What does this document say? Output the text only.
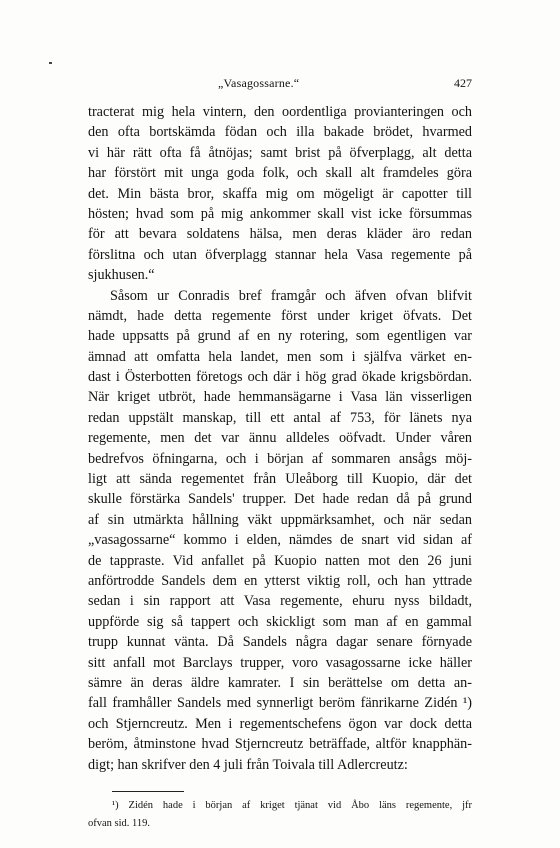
„Vasagossarne.“	427
tracterat mig hela vintern, den oordentliga provianteringen och
den ofta bortskämda födan och illa bakade brödet, hvarmed
vi här rätt ofta få åtnöjas; samt brist på öfverplagg, alt detta
har förstört mit unga goda folk, och skall alt framdeles göra
det. Min bästa bror, skaffa mig om mögeligt är capotter till
hösten; hvad som på mig ankommer skall vist icke försummas
för att bevara soldatens hälsa, men deras kläder äro redan
förslitna och utan öfverplagg stannar hela Vasa regemente på
sjukhusen.“
Såsom ur Conradis bref framgår och äfven ofvan blifvit
nämdt, hade detta regemente först under kriget öfvats. Det
hade uppsatts på grund af en ny rotering, som egentligen var
ämnad att omfatta hela landet, men som i själfva värket en-
dast i Österbotten företogs och där i hög grad ökade krigsbördan.
När kriget utbröt, hade hemmansägarne i Vasa län visserligen
redan uppstält manskap, till ett antal af 753, för länets nya
regemente, men det var ännu alldeles oöfvadt. Under våren
bedrefvos öfningarna, och i början af sommaren ansågs möj-
ligt att sända regementet från Uleåborg till Kuopio, där det
skulle förstärka Sandels' trupper. Det hade redan då på grund
af sin utmärkta hållning väkt uppmärksamhet, och när sedan
„vasagossarne“ kommo i elden, nämdes de snart vid sidan af
de tappraste. Vid anfallet på Kuopio natten mot den 26 juni
anförtrodde Sandels dem en ytterst viktig roll, och han yttrade
sedan i sin rapport att Vasa regemente, ehuru nyss bildadt,
uppförde sig så tappert och skickligt som man af en gammal
trupp kunnat vänta. Då Sandels några dagar senare förnyade
sitt anfall mot Barclays trupper, voro vasagossarne icke häller
sämre än deras äldre kamrater. I sin berättelse om detta an-
fall framhåller Sandels med synnerligt beröm fänrikarne Zidén ¹)
och Stjerncreutz. Men i regementschefens ögon var dock detta
beröm, åtminstone hvad Stjerncreutz beträffade, altför knapphän-
digt; han skrifver den 4 juli från Toivala till Adlercreutz:
¹) Zidén hade i början af kriget tjänat vid Åbo läns regemente, jfr
ofvan sid. 119.
